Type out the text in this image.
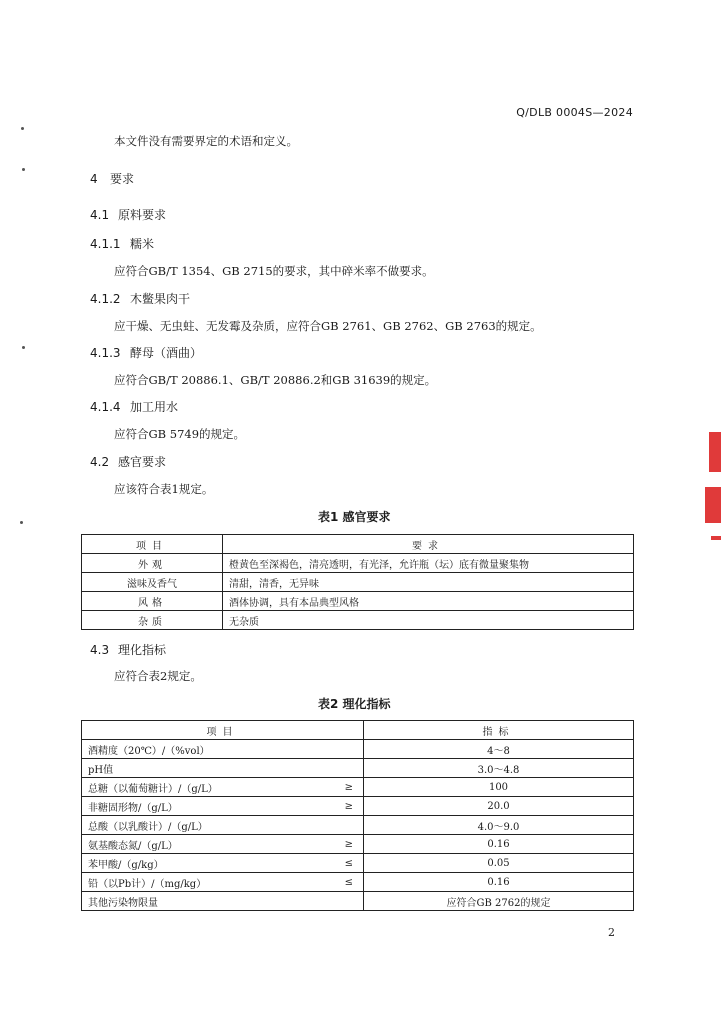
Q/DLB 0004S—2024
本文件没有需要界定的术语和定义。
4 要求
4.1 原料要求
4.1.1 糯米
应符合GB/T 1354、GB 2715的要求，其中碎米率不做要求。
4.1.2 木鳖果肉干
应干燥、无虫蛀、无发霉及杂质，应符合GB 2761、GB 2762、GB 2763的规定。
4.1.3 酵母（酒曲）
应符合GB/T 20886.1、GB/T 20886.2和GB 31639的规定。
4.1.4 加工用水
应符合GB 5749的规定。
4.2 感官要求
应该符合表1规定。
表1 感官要求
项目	要求
外观	橙黄色至深褐色，清亮透明，有光泽，允许瓶（坛）底有微量聚集物
滋味及香气	清甜，清香，无异味
风格	酒体协调，具有本品典型风格
杂质	无杂质
4.3 理化指标
应符合表2规定。
表2 理化指标
项目		指标
酒精度（20℃）/（%vol）		4～8
pH值		3.0～4.8
总糖（以葡萄糖计）/（g/L）	≥	100
非糖固形物/（g/L）	≥	20.0
总酸（以乳酸计）/（g/L）		4.0～9.0
氨基酸态氮/（g/L）	≥	0.16
苯甲酸/（g/kg）	≤	0.05
铅（以Pb计）/（mg/kg）	≤	0.16
其他污染物限量		应符合GB 2762的规定
2
